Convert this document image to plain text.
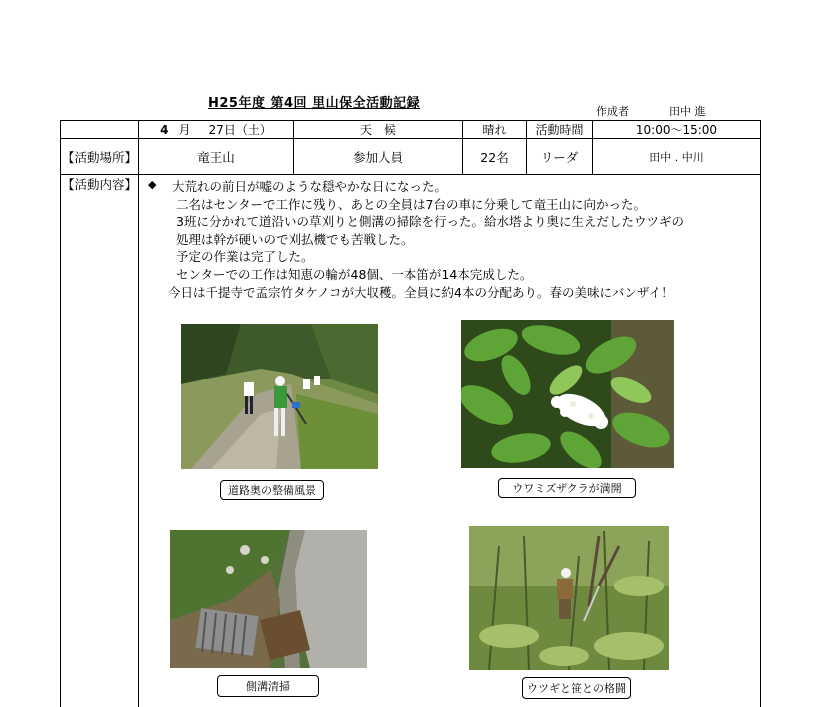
H25年度 第4回 里山保全活動記録
作成者	田中 進
4 月 27日（土）	天　候	晴れ	活動時間	10:00〜15:00
【活動場所】	竜王山	参加人員	22名	リーダ	田中 . 中川
【活動内容】 ◆	大荒れの前日が嘘のような穏やかな日になった。
二名はセンターで工作に残り、あとの全員は7台の車に分乗して竜王山に向かった。
3班に分かれて道沿いの草刈りと側溝の掃除を行った。給水塔より奥に生えだしたウツギの
処理は幹が硬いので刈払機でも苦戦した。
予定の作業は完了した。
センターでの工作は知恵の輪が48個、一本笛が14本完成した。
今日は千提寺で孟宗竹タケノコが大収穫。全員に約4本の分配あり。春の美味にバンザイ！
道路奥の整備風景	ウワミズザクラが満開
側溝清掃	ウツギと笹との格闘
